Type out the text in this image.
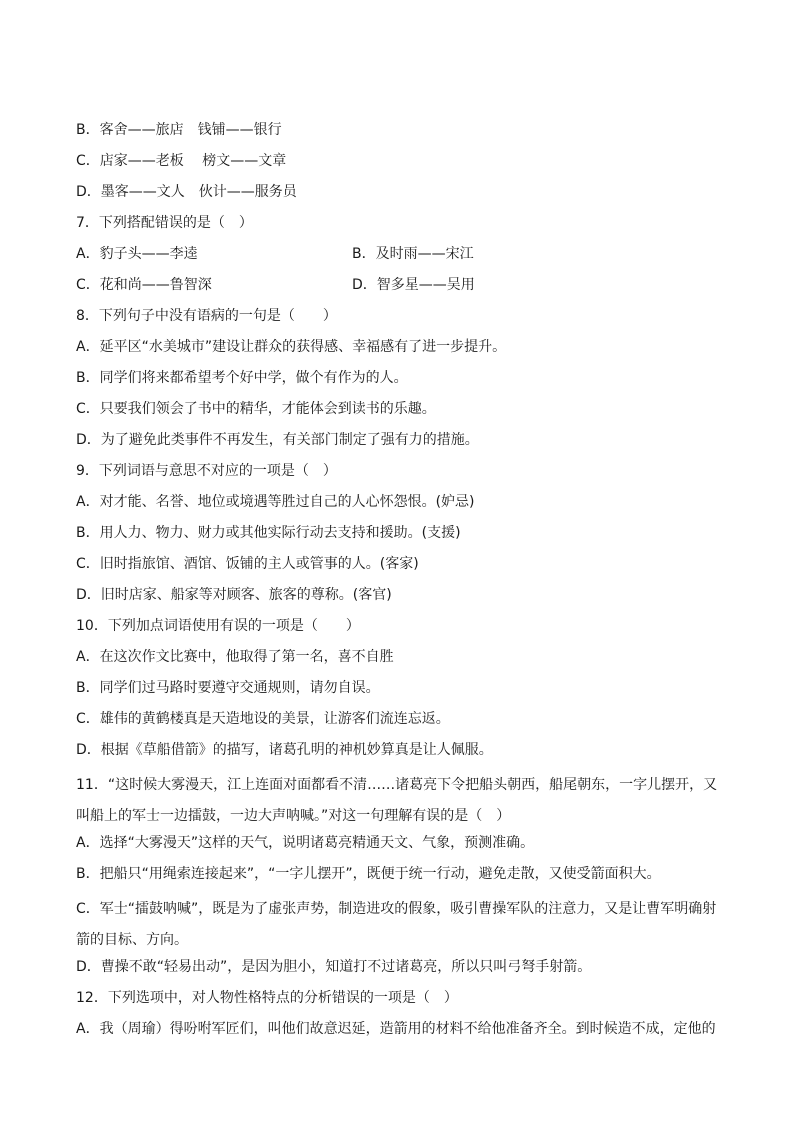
B．客舍——旅店　钱铺——银行
C．店家——老板　 榜文——文章
D．墨客——文人　伙计——服务员
7．下列搭配错误的是（　）
A．豹子头——李逵	B．及时雨——宋江
C．花和尚——鲁智深	D．智多星——吴用
8．下列句子中没有语病的一句是（　　）
A．延平区“水美城市”建设让群众的获得感、幸福感有了进一步提升。
B．同学们将来都希望考个好中学，做个有作为的人。
C．只要我们领会了书中的精华，才能体会到读书的乐趣。
D．为了避免此类事件不再发生，有关部门制定了强有力的措施。
9．下列词语与意思不对应的一项是（　）
A．对才能、名誉、地位或境遇等胜过自己的人心怀怨恨。(妒忌)
B．用人力、物力、财力或其他实际行动去支持和援助。(支援)
C．旧时指旅馆、酒馆、饭铺的主人或管事的人。(客家)
D．旧时店家、船家等对顾客、旅客的尊称。(客官)
10．下列加点词语使用有误的一项是（　　）
A．在这次作文比赛中，他取得了第一名，喜不自胜
B．同学们过马路时要遵守交通规则，请勿自误。
C．雄伟的黄鹤楼真是天造地设的美景，让游客们流连忘返。
D．根据《草船借箭》的描写，诸葛孔明的神机妙算真是让人佩服。
11．“这时候大雾漫天，江上连面对面都看不清……诸葛亮下令把船头朝西，船尾朝东，一字儿摆开，又叫船上的军士一边擂鼓，一边大声呐喊。”对这一句理解有误的是（　）
A．选择“大雾漫天”这样的天气，说明诸葛亮精通天文、气象，预测准确。
B．把船只“用绳索连接起来”，“一字儿摆开”，既便于统一行动，避免走散，又使受箭面积大。
C．军士“擂鼓呐喊”，既是为了虚张声势，制造进攻的假象，吸引曹操军队的注意力，又是让曹军明确射箭的目标、方向。
D．曹操不敢“轻易出动”，是因为胆小，知道打不过诸葛亮，所以只叫弓弩手射箭。
12．下列选项中，对人物性格特点的分析错误的一项是（　）
A．我（周瑜）得吩咐军匠们，叫他们故意迟延，造箭用的材料不给他准备齐全。到时候造不成，定他的
